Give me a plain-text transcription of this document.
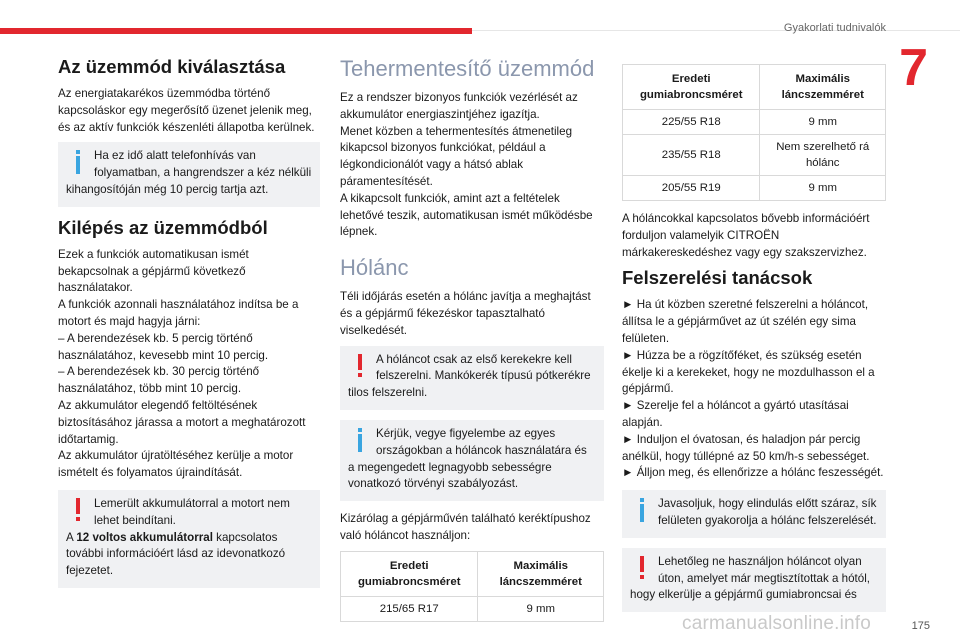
Gyakorlati tudnivalók
7
Az üzemmód kiválasztása

Az energiatakarékos üzemmódba történő kapcsoláskor egy megerősítő üzenet jelenik meg, és az aktív funkciók készenléti állapotba kerülnek.

Ha ez idő alatt telefonhívás van folyamatban, a hangrendszer a kéz nélküli kihangosítóján még 10 percig tartja azt.
Kilépés az üzemmódból
Ezek a funkciók automatikusan ismét bekapcsolnak a gépjármű következő használatakor.
A funkciók azonnali használatához indítsa be a motort és majd hagyja járni:
– A berendezések kb. 5 percig történő használatához, kevesebb mint 10 percig.
– A berendezések kb. 30 percig történő használatához, több mint 10 percig.
Az akkumulátor elegendő feltöltésének biztosításához járassa a motort a meghatározott időtartamig.
Az akkumulátor újratöltéséhez kerülje a motor ismételt és folyamatos újraindítását.
Lemerült akkumulátorral a motort nem lehet beindítani.
A 12 voltos akkumulátorral kapcsolatos további információért lásd az idevonatkozó fejezetet.
Tehermentesítő üzemmód
Ez a rendszer bizonyos funkciók vezérlését az akkumulátor energiaszintjéhez igazítja.
Menet közben a tehermentesítés átmenetileg kikapcsol bizonyos funkciókat, például a légkondicionálót vagy a hátsó ablak páramentesítését.
A kikapcsolt funkciók, amint azt a feltételek lehetővé teszik, automatikusan ismét működésbe lépnek.
Hólánc

Téli időjárás esetén a hólánc javítja a meghajtást és a gépjármű fékezéskor tapasztalható viselkedését.

A hóláncot csak az első kerekekre kell felszerelni. Mankókerék típusú pótkerékre tilos felszerelni.
Kérjük, vegye figyelembe az egyes országokban a hóláncok használatára és a megengedett legnagyobb sebességre vonatkozó törvényi szabályozást.

Kizárólag a gépjárművén található keréktípushoz való hóláncot használjon:

Eredeti gumiabroncsméret	Maximális láncszemméret
215/65 R17	9 mm
Eredeti gumiabroncsméret	Maximális láncszemméret
225/55 R18	9 mm
235/55 R18	Nem szerelhető rá hólánc
205/55 R19	9 mm

A hóláncokkal kapcsolatos bővebb információért forduljon valamelyik CITROËN márkakereskedéshez vagy egy szakszervizhez.

Felszerelési tanácsok
► Ha út közben szeretné felszerelni a hóláncot, állítsa le a gépjárművet az út szélén egy sima felületen.
► Húzza be a rögzítőféket, és szükség esetén ékelje ki a kerekeket, hogy ne mozdulhasson el a gépjármű.
► Szerelje fel a hóláncot a gyártó utasításai alapján.
► Induljon el óvatosan, és haladjon pár percig anélkül, hogy túllépné az 50 km/h-s sebességet.
► Álljon meg, és ellenőrizze a hólánc feszességét.
Javasoljuk, hogy elindulás előtt száraz, sík felületen gyakorolja a hólánc felszerelését.
Lehetőleg ne használjon hóláncot olyan úton, amelyet már megtisztítottak a hótól, hogy elkerülje a gépjármű gumiabroncsai és
carmanualsonline.info	175
